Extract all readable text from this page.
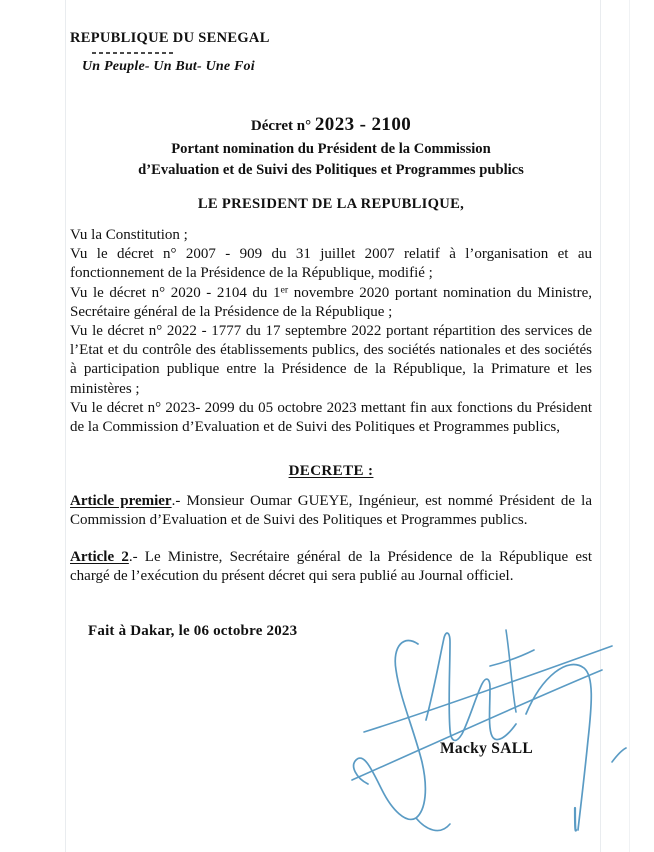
REPUBLIQUE DU SENEGAL
Un Peuple- Un But- Une Foi
Décret n° 2023 - 2100
Portant nomination du Président de la Commission
d’Evaluation et de Suivi des Politiques et Programmes publics
LE PRESIDENT DE LA REPUBLIQUE,

Vu la Constitution ;

Vu le décret n° 2007 - 909 du 31 juillet 2007 relatif à l’organisation et au fonctionnement de la Présidence de la République, modifié ;

Vu le décret n° 2020 - 2104 du 1er novembre 2020 portant nomination du Ministre, Secrétaire général de la Présidence de la République ;

Vu le décret n° 2022 - 1777 du 17 septembre 2022 portant répartition des services de l’Etat et du contrôle des établissements publics, des sociétés nationales et des sociétés à participation publique entre la Présidence de la République, la Primature et les ministères ;

Vu le décret n° 2023- 2099 du 05 octobre 2023 mettant fin aux fonctions du Président de la Commission d’Evaluation et de Suivi des Politiques et Programmes publics,

DECRETE :
Article premier.- Monsieur Oumar GUEYE, Ingénieur, est nommé Président de la Commission d’Evaluation et de Suivi des Politiques et Programmes publics.
Article 2.- Le Ministre, Secrétaire général de la Présidence de la République est chargé de l’exécution du présent décret qui sera publié au Journal officiel.
Fait à Dakar, le 06 octobre 2023
Macky SALL
